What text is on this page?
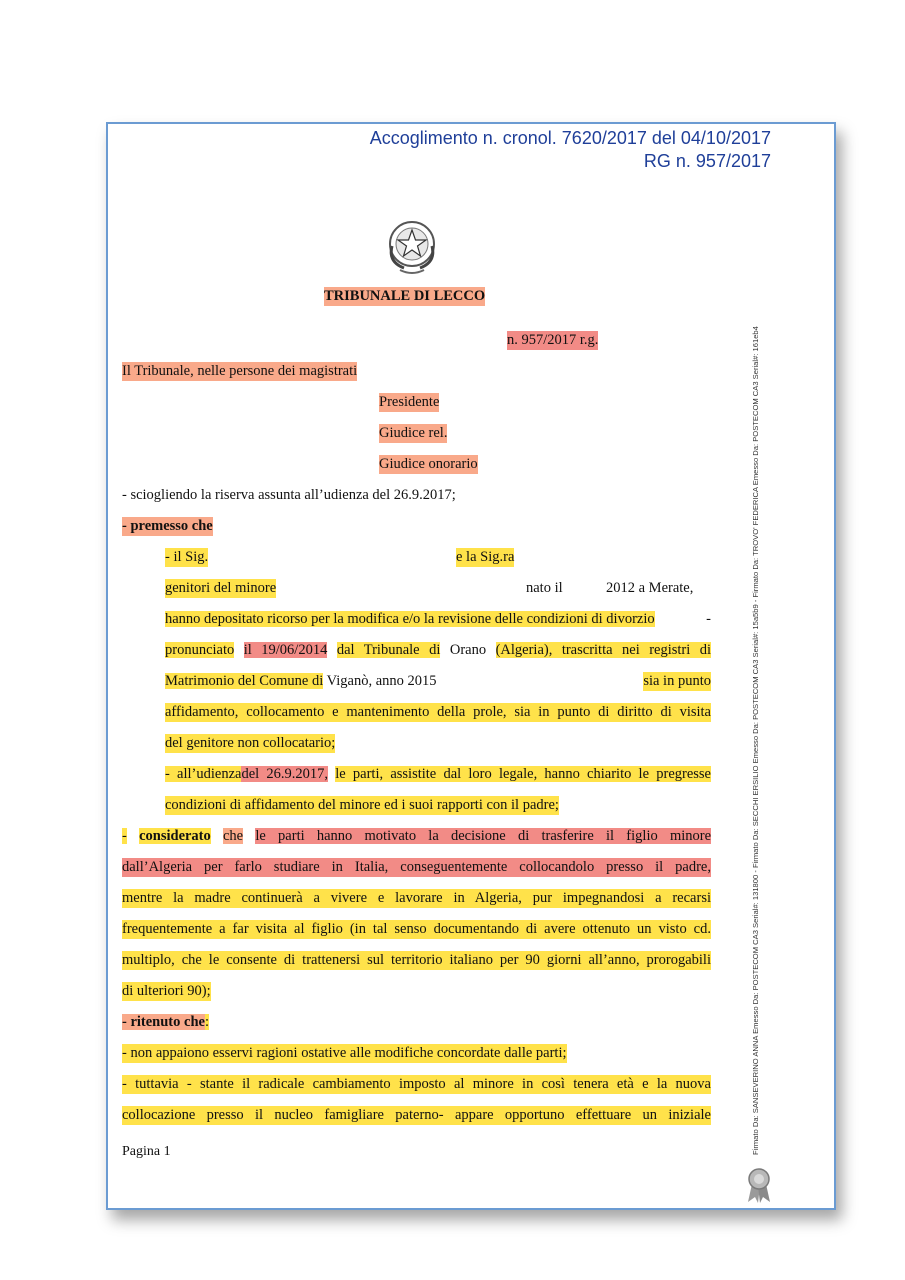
Accoglimento n. cronol. 7620/2017 del 04/10/2017
RG n. 957/2017
TRIBUNALE DI LECCO
n. 957/2017 r.g.
Il Tribunale, nelle persone dei magistrati
Presidente
Giudice rel.
Giudice onorario
- sciogliendo la riserva assunta all’udienza del 26.9.2017;
- premesso che
- il Sig.	e la Sig.ra
genitori del minore	nato il	2012 a Merate,
hanno depositato ricorso per la modifica e/o la revisione delle condizioni di divorzio	-
pronunciato il 19/06/2014 dal Tribunale di Orano (Algeria), trascritta nei registri di
Matrimonio del Comune di Viganò, anno 2015	sia in punto
affidamento, collocamento e mantenimento della prole, sia in punto di diritto di visita
del genitore non collocatario;
- all’udienzadel 26.9.2017, le parti, assistite dal loro legale, hanno chiarito le pregresse
condizioni di affidamento del minore ed i suoi rapporti con il padre;
- considerato che le parti hanno motivato la decisione di trasferire il figlio minore
dall’Algeria per farlo studiare in Italia, conseguentemente collocandolo presso il padre,
mentre la madre continuerà a vivere e lavorare in Algeria, pur impegnandosi a recarsi
frequentemente a far visita al figlio (in tal senso documentando di avere ottenuto un visto cd.
multiplo, che le consente di trattenersi sul territorio italiano per 90 giorni all’anno, prorogabili
di ulteriori 90);
- ritenuto che:
- non appaiono esservi ragioni ostative alle modifiche concordate dalle parti;
- tuttavia - stante il radicale cambiamento imposto al minore in così tenera età e la nuova
collocazione presso il nucleo famigliare paterno- appare opportuno effettuare un iniziale
Pagina 1	Firmato Da: SANSEVERINO ANNA Emesso Da: POSTECOM CA3 Serial#: 131800 - Firmato Da: SECCHI ERSILIO Emesso Da: POSTECOM CA3 Serial#: 15a5b9 - Firmato Da: TROVO' FEDERICA Emesso Da: POSTECOM CA3 Serial#: 161eb4
